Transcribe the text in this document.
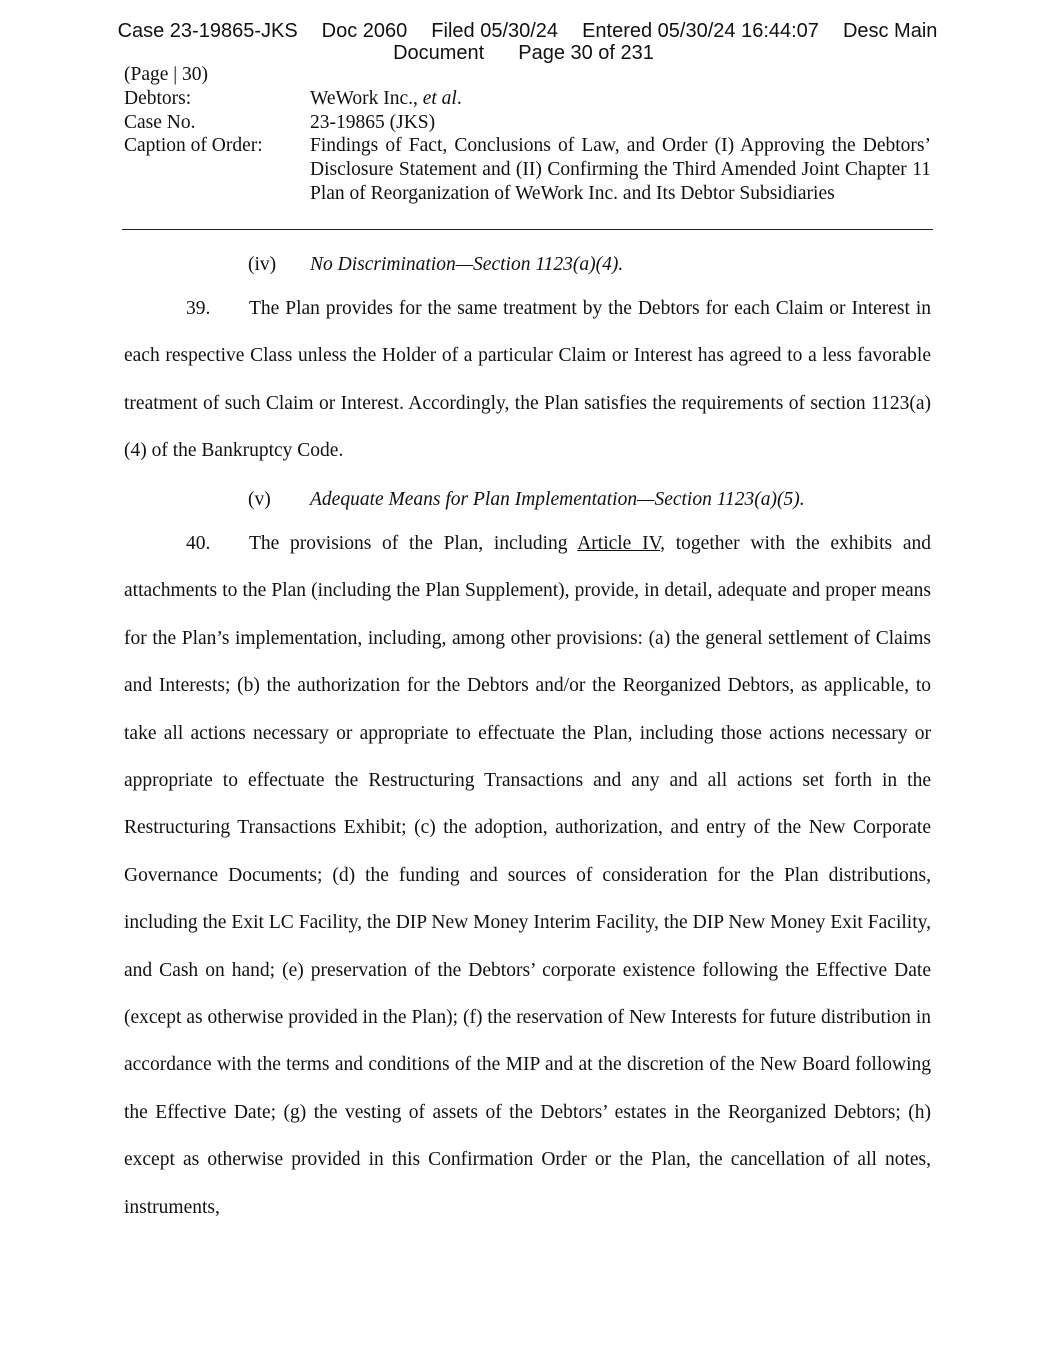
Case 23-19865-JKS Doc 2060 Filed 05/30/24 Entered 05/30/24 16:44:07 Desc Main
Document Page 30 of 231
(Page | 30)
Debtors:	WeWork Inc., et al.
Case No.	23-19865 (JKS)
Caption of Order: Findings of Fact, Conclusions of Law, and Order (I) Approving the Debtors’ Disclosure Statement and (II) Confirming the Third Amended Joint Chapter 11 Plan of Reorganization of WeWork Inc. and Its Debtor Subsidiaries
(iv) No Discrimination—Section 1123(a)(4).
39. The Plan provides for the same treatment by the Debtors for each Claim or Interest in each respective Class unless the Holder of a particular Claim or Interest has agreed to a less favorable treatment of such Claim or Interest. Accordingly, the Plan satisfies the requirements of section 1123(a)(4) of the Bankruptcy Code.
(v) Adequate Means for Plan Implementation—Section 1123(a)(5).
40. The provisions of the Plan, including Article IV, together with the exhibits and attachments to the Plan (including the Plan Supplement), provide, in detail, adequate and proper means for the Plan’s implementation, including, among other provisions: (a) the general settlement of Claims and Interests; (b) the authorization for the Debtors and/or the Reorganized Debtors, as applicable, to take all actions necessary or appropriate to effectuate the Plan, including those actions necessary or appropriate to effectuate the Restructuring Transactions and any and all actions set forth in the Restructuring Transactions Exhibit; (c) the adoption, authorization, and entry of the New Corporate Governance Documents; (d) the funding and sources of consideration for the Plan distributions, including the Exit LC Facility, the DIP New Money Interim Facility, the DIP New Money Exit Facility, and Cash on hand; (e) preservation of the Debtors’ corporate existence following the Effective Date (except as otherwise provided in the Plan); (f) the reservation of New Interests for future distribution in accordance with the terms and conditions of the MIP and at the discretion of the New Board following the Effective Date; (g) the vesting of assets of the Debtors’ estates in the Reorganized Debtors; (h) except as otherwise provided in this Confirmation Order or the Plan, the cancellation of all notes, instruments,
